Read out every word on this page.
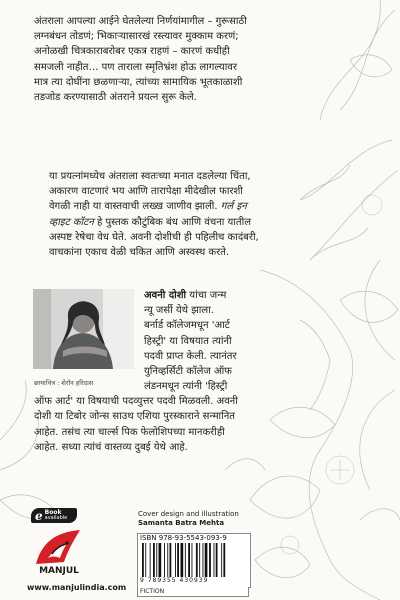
अंतराला आपल्या आईने घेतलेल्या निर्णयांमागील – गुरूसाठी
लग्नबंधन तोडणं; भिकाऱ्यासारखं रस्त्यावर मुक्काम करणं;
अनोळखी चित्रकाराबरोबर एकत्र राहणं – कारणं कधीही
समजली नाहीत… पण ताराला स्मृतिभ्रंश होऊ लागल्यावर
मात्र त्या दोघींना छळणाऱ्या, त्यांच्या सामायिक भूतकाळाशी
तडजोड करण्यासाठी अंतराने प्रयत्न सुरू केले.
या प्रयत्नांमध्येच अंतराला स्वतःच्या मनात दडलेल्या चिंता,
अकारण वाटणारं भय आणि तारापेक्षा मीदेखील फारशी
वेगळी नाही या वास्तवाची लख्ख जाणीव झाली. गर्ल इन
व्हाइट कॉटन हे पुस्तक कौटुंबिक बंध आणि वंचना यातील
अस्पष्ट रेषेचा वेध घेते. अवनी दोशीची ही पहिलीच कादंबरी,
वाचकांना एकाच वेळी चकित आणि अस्वस्थ करते.
छायाचित्र : शेरॉन हरिदास
अवनी दोशी यांचा जन्म
न्यू जर्सी येथे झाला.
बर्नार्ड कॉलेजमधून 'आर्ट
हिस्ट्री' या विषयात त्यांनी
पदवी प्राप्त केली. त्यानंतर
युनिव्हर्सिटी कॉलेज ऑफ
लंडनमधून त्यांनी 'हिस्ट्री
ऑफ आर्ट' या विषयाची पदव्युत्तर पदवी मिळवली. अवनी
दोशी या टिबोर जोन्स साउथ एशिया पुरस्काराने सन्मानित
आहेत. तसंच त्या चार्ल्स पिक फेलोशिपच्या मानकरीही
आहेत. सध्या त्यांचं वास्तव्य दुबई येथे आहे.
e Book
available
MANJUL
www.manjulindia.com
Cover design and illustration
Samanta Batra Mehta
ISBN 978-93-5543-093-9
9 789355 430939
FICTION
